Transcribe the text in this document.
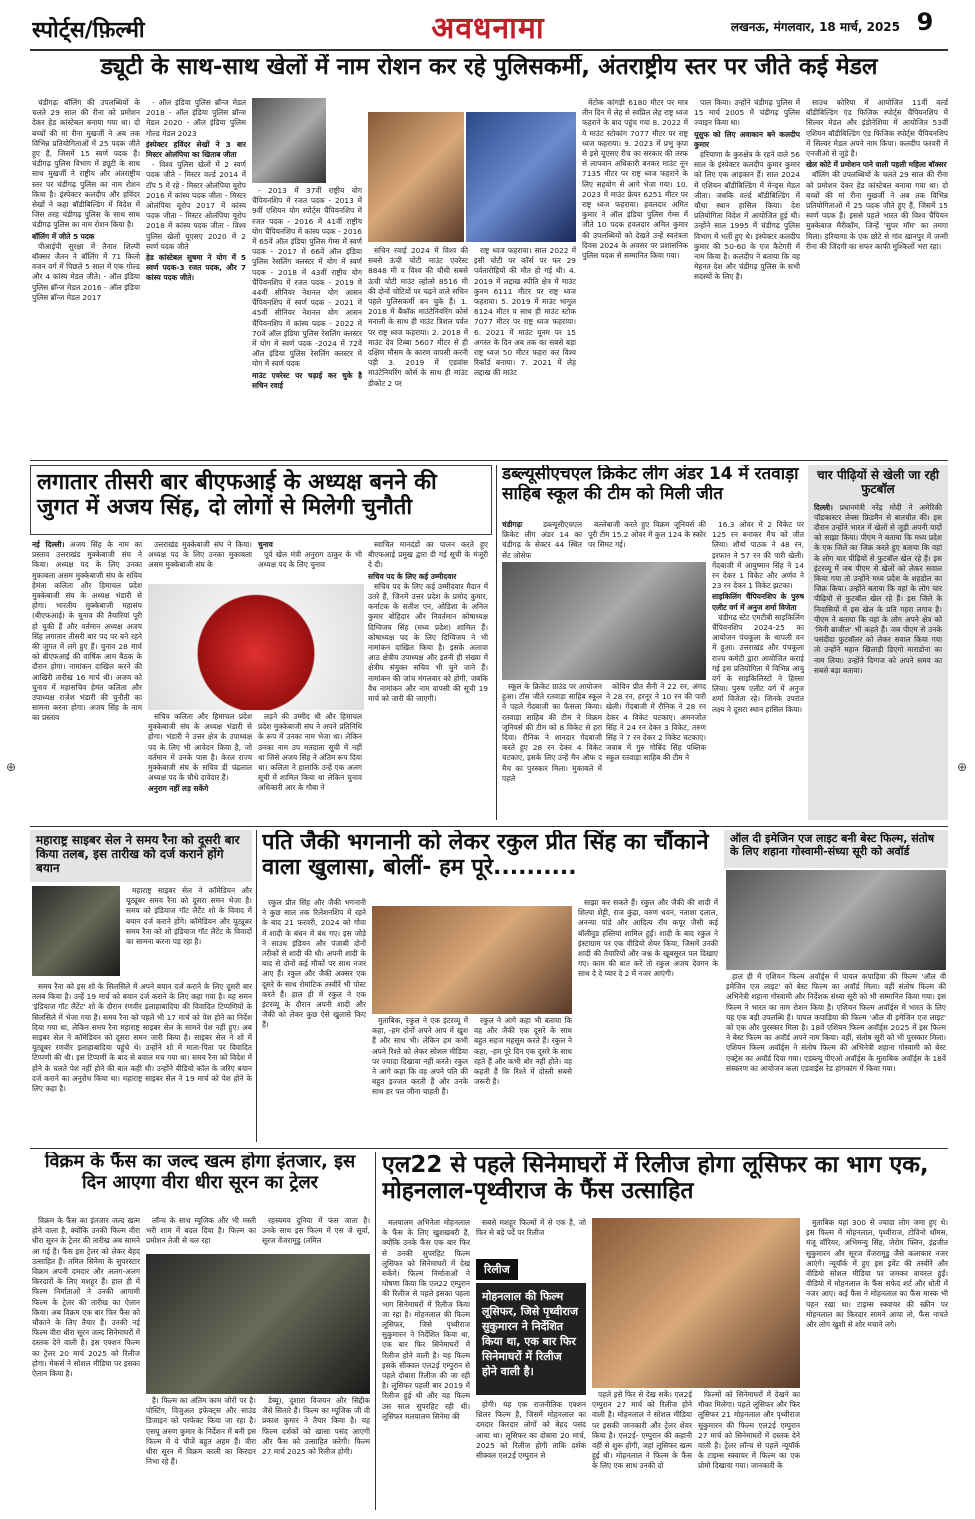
स्पोर्ट्स/फ़िल्मी	अवधनामा	लखनऊ, मंगलवार, 18 मार्च, 2025 9
ड्यूटी के साथ-साथ खेलों में नाम रोशन कर रहे पुलिसकर्मी, अंतराष्ट्रीय स्तर पर जीते कई मेडल

चंडीगढ़ः बॉलिंग की उपलब्धियों के चलते 29 साल की रीना को प्रमोशन देकर हेड कांस्टेबल बनाया गया था। दो बच्चों की मां रीना मुखर्जी ने अब तक विभिन्न प्रतियोगिताओं में 25 पदक जीते हुए हैं, जिसमें 15 स्वर्ण पदक हैं। चंडीगढ़ पुलिस विभाग में ड्यूटी के साथ साथ मुखर्जी ने राष्ट्रीय और अंतराष्ट्रीय स्तर पर चंडीगढ़ पुलिस का नाम रोशन किया है। इंस्पेक्टर कलदीप और हविंदर सेखों ने कहा बॉडीबिल्डिंग में विदेश में जिस तरह चंडीगढ़ पुलिस के साथ साथ चंडीगढ़ पुलिस का नाम रोशन किया है।

बॉलिंग में जीते 5 पदक

पीआईपी सुरक्षा में तैनात शिल्पी बॉक्सर जैतन ने बॉलिंग में 71 किलो वजन वर्ग में पिछले 5 साल में एक गोल्ड और 4 कांस्य मेडल जीते। - ऑल इंडिया पुलिस ब्रॉन्ज मेडल 2016 - ऑल इंडिया पुलिस ब्रॉन्ज मेडल 2017

- ऑल इंडिया पुलिस ब्रॉन्ज मेडल 2018 - ऑल इंडिया पुलिस ब्रॉन्ज मेडल 2020 - ऑल इंडिया पुलिस गोल्ड मेडल 2023

इंस्पेक्टर हविंदर सेखों ने 3 बार मिस्टर ओलंपिया का खिताब जीता

- विश्व पुलिस खेलों में 2 स्वर्ण पदक जीते - मिस्टर वर्ल्ड 2014 में टॉप 5 में रहे - मिस्टर ओलंपिया यूरोप 2016 में कांस्य पदक जीता - मिस्टर ओलंपिया यूरोप 2017 में कांस्य पदक जीता - मिस्टर ओलंपिया यूरोप 2018 में कांस्य पदक जीता - विश्व पुलिस खेलों यूएसए 2020 में 2 स्वर्ण पदक जीते

हेड कांस्टेबल सुषमा ने योग में 5 स्वर्ण पदक-3 रजत पदक, और 7 कांस्य पदक जीते।

- 2013 में 37वीं राष्ट्रीय योग चैंपियनशिप में रजत पदक - 2013 में 9वीं एशियन योग स्पोर्ट्स चैंपियनशिप में रजत पदक - 2016 में 41वीं राष्ट्रीय योग चैंपियनशिप में कांस्य पदक - 2016 में 65वें ऑल इंडिया पुलिस गेम्स में स्वर्ण पदक - 2017 में 66वें ऑल इंडिया पुलिस रेसलिंग क्लस्टर में योग में स्वर्ण पदक - 2018 में 43वीं राष्ट्रीय योग चैंपियनशिप में रजत पदक - 2019 में 44वीं सीनियर नेशनल योग आसन चैंपियनशिप में स्वर्ण पदक - 2021 में 45वीं सीनियर नेशनल योग आसन चैंपियनशिप में कांस्य पदक - 2022 में 70वें ऑल इंडिया पुलिस रेसलिंग क्लस्टर में योग में स्वर्ण पदक -2024 में 72वें ऑल इंडिया पुलिस रेसलिंग क्लस्टर में योग में स्वर्ण पदक

माउंट एवरेस्ट पर चढ़ाई कर चुके है सचिन रवाई

सचिन रवाई 2024 में विश्व की सबसे ऊंची चोटी माउंट एवरेस्ट 8848 मी व विश्व की चौथी सबसे ऊंची चोटी माउंट ल्होत्से 8516 मी की दोनों चोटियों पर चढ़ने वाले सचिन पहले पुलिसकर्मी बन चुके हैं। 1. 2018 में बैंकॉक माउंटेनियरिंग कोर्स मनाली के साथ ही माउंट त्रिशल पर्वत पर राष्ट्र ध्वज फहराया। 2. 2018 में माउंट देव टिब्बा 5607 मीटर से ही दक्षिण मौसम के कारण वापसी करनी पड़ी 3. 2019 में एडवांस माउंटेनियरिंग कोर्स के साथ ही माउंट डीकोट 2 पर

राष्ट्र ध्वज फहराया। साल 2022 में इसी चोटी पर कॉर्स पर फर 29 पर्वतारोहियों की मौत हो गई थी। 4. 2019 में लद्दाख स्पीति क्षेत्र में माउंट कुनम 6111 मीटर पर राष्ट्र ध्वज फहराया। 5. 2019 में माउंट भागुल 6124 मीटर व साथ ही माउंट स्टोक 7077 मीटर पर राष्ट्र ध्वज फहराया। 6. 2021 में माउंट यूनम पर 15 अगस्त के दिन अब तक का सबसे बड़ा राष्ट्र ध्वज 50 मीटर फहरा कर विश्व रिकॉर्ड बनाया। 7. 2021 में लेह लद्दाख की माउंट

मेंटोक कांगड़ी 6180 मीटर पर मात्र तीन दिन में लेह से स्वप्निल लेह राष्ट्र ध्वज फहराने के बाद पहुंच गया 8. 2022 में ये माउंट स्टोकांग 7077 मीटर पर राष्ट्र ध्वज फहराया। 9. 2023 में प्रभु कृपा से इसे यूएसए रीच का सरकार की तरफ से लापवान अधिकारी बनकर माउंट नून 7135 मीटर पर राष्ट्र ध्वज फहराने के लिए सहयोग से आगे भेजा गया। 10. 2023 में माउंट फ्रेयर 6251 मीटर पर राष्ट्र ध्वज फहराया। हवलदार अमित कुमार ने ऑल इंडिया पुलिस गेम्स में जीते 10 पदक हवलदार अमित कुमार की उपलब्धियों को देखते उन्हें स्वतंत्रता दिवस 2024 के अवसर पर प्रशासनिक पुलिस पदक से सम्मानित किया गया।

पाल किया। उन्होंने चंडीगढ़ पुलिस में 15 मार्च 2005 में चंडीगढ़ पुलिस ज्वाइन किया था।

यूसुफ को लिए अवाकान बने कलदीप कुमार

हरियाणा के कुरुक्षेत्र के रहने वाले 56 साल के इंस्पेक्टर कलदीप कुमार कुमार को लिए एक आइकान हैं। साल 2024 में एशियन बॉडीबिल्डिंग में मेन्ड्स मेडल जीता। जबकि वर्ल्ड बॉडीबिल्डिंग में चौथा स्थान हासिल किया। देश प्रतियोगिता विदेश में आयोजित हुई थी। उन्होंने साल 1995 में चंडीगढ़ पुलिस विभाग में भर्ती हुए थे। इंस्पेक्टर कलदीप कुमार की 50-60 के एज कैटेगरी में नाम किया है। कलदीप ने बताया कि वह मेहनत देश और चंडीगढ़ पुलिस के सभी सदस्यों के लिए है।

साउथ कोरिया में आयोजित 11वीं वर्ल्ड बॉडीबिल्डिंग एंड फिजिक स्पोर्ट्स चैंपियनशिप में सिल्वर मेडल और इंडोनेशिया में आयोजित 53वीं एशियन बॉडीबिल्डिंग एंड फिजिक स्पोर्ट्स चैंपियनशिप में सिल्वर मेडल अपने नाम किया। कलदीप फरवरी में एनजीओ से जुड़े हैं।

खेल कोटे में प्रमोशन पाने वाली पहली महिला बॉक्सर

बॉलिंग की उपलब्धियों के चलते 29 साल की रीना को प्रमोशन देकर हेड कांस्टेबल बनाया गया था। दो बच्चों की मां रीना मुखर्जी ने अब तक विभिन्न प्रतियोगिताओं में 25 पदक जीते हुए हैं, जिसमें 15 स्वर्ण पदक हैं। इससे पहले भारत की विश्व चैंपियन मुक्केबाज मैरीकॉम, जिन्हें 'सुपर मॉम' का तमगा मिला। हरियाणा के एक छोटे से गांव खानपुर में जन्मी रीना की जिंदगी का सफर काफी मुश्किलों भरा रहा।

लगातार तीसरी बार बीएफआई के अध्यक्ष बनने की जुगत में अजय सिंह, दो लोगों से मिलेगी चुनौती
नई दिल्ली। अजय सिंह के नाम का प्रस्ताव उत्तराखंड मुक्केबाजी संघ ने किया। अध्यक्ष पद के लिए उनका मुकाबला असम मुक्केबाजी संघ के सचिव हेमंता कलिता और हिमाचल प्रदेश मुक्केबाजी संघ के अध्यक्ष भंडारी से होगा। भारतीय मुक्केबाजी महासंघ (बीएफआई) के चुनाव की तैयारियां पूरी हो चुकी हैं और वर्तमान अध्यक्ष अजय सिंह लगातार तीसरी बार पद पर बने रहने की जुगत में लगे हुए हैं। चुनाव 28 मार्च को बीएफआई की वार्षिक आम बैठक के दौरान होगा। नामांकन दाखिल करने की आखिरी तारीख 16 मार्च थी। अजय को चुनाव में महासचिव हेमंत कलिता और उपाध्यक्ष राजेश भंडारी की चुनौती का सामना करना होगा। अजय सिंह के नाम का प्रस्ताव

उत्तराखंड मुक्केबाजी संघ ने किया। अध्यक्ष पद के लिए उनका मुकाबला असम मुक्केबाजी संघ के

चुनाव

पूर्व खेल मंत्री अनुराग ठाकुर के भी अध्यक्ष पद के लिए चुनाव

सचिव कलिता और हिमाचल प्रदेश मुक्केबाजी संघ के अध्यक्ष भंडारी से होगा। भंडारी ने उत्तर क्षेत्र के उपाध्यक्ष पद के लिए भी आवेदन किया है, जो वर्तमान में उनके पास है। केरल राज्य मुक्केबाजी संघ के सचिव डी चंद्रलाल अध्यक्ष पद के चौथे दावेदार हैं।

अनुराग नहीं लड़ सकेंगे

लड़ने की उम्मीद थी और हिमाचल प्रदेश मुक्केबाजी संघ ने अपने प्रतिनिधि के रूप में उनका नाम भेजा था। लेकिन उनका नाम उप मतदाता सूची में नहीं था जिसे अजय सिंह ने अंतिम रूप दिया था। कलिता ने हालांकि उन्हें एक अलग सूची में शामिल किया था लेकिन चुनाव अधिकारी आर के गौबा ने

स्वाचित मानदंडों का पालन करते हुए बीएफआई प्रमुख द्वारा दी गई सूची के मंजूरी दे दी।

सचिव पद के लिए कई उम्मीदवार

सचिव पद के लिए कई उम्मीदवार मैदान में उतरे हैं, जिनमें उत्तर प्रदेश के प्रमोद कुमार, कर्नाटक के सतीश एन, ओडिशा के अनिल कुमार बोहिदार और निवर्तमान कोषाध्यक्ष दिग्विजय सिंह (मध्य प्रदेश) शामिल हैं। कोषाध्यक्ष पद के लिए दिग्विजय ने भी नामांकन दाखिल किया है। इसके अलावा आठ क्षेत्रीय उपाध्यक्ष और इतनी ही संख्या में क्षेत्रीय संयुक्त सचिव भी चुने जाने हैं। नामांकन की जांच मंगलवार को होगी, जबकि वैध नामांकन और नाम वापसी की सूची 19 मार्च को जारी की जाएगी।

डब्ल्यूसीएचएल क्रिकेट लीग अंडर 14 में रतवाड़ा साहिब स्कूल की टीम को मिली जीत
चंडीगढ़ः	डब्ल्यूसीएचएल क्रिकेट लीग अंडर 14 का चंडीगढ़ के सेक्टर 44 स्थित सेंट जोसेफ

बल्लेबाजी करते हुए विक्रम जूनियर्स की पूरी टीम 15.2 ओवर में कुल 124 के स्कोर पर सिमट गई।

स्कूल के क्रिकेट ग्राउंड पर आयोजन हुआ। टॉस जीते रतवाड़ा साहिब स्कूल ने पहले गेंदबाजी का फैसला किया। रतवाड़ा साहिब की टीम ने विक्रम जूनियर्स की टीम को 8 विकेट से हरा दिया। रौनिक ने शानदार गेंदबाजी करते हुए 28 रन देकर 4 विकेट चटकाए, इसके लिए उन्हें मैन ऑफ द मैच का पुरस्कार मिला। मुकाबले में पहले

कोविन प्रीत सैनी ने 22 रन, अंगद ने 28 रन, हरनूर ने 10 रन की पारी खेली। गेंदबाजी में रौनिक ने 28 रन देकर 4 विकेट चटकाए। अमनजोत सिंह ने 24 रन देकर 3 विकेट, तरुण सिंह ने 7 रन देकर 2 विकेट चटकाए। जवाब में गुरु गोबिंद सिंह पब्लिक स्कूल रतवाड़ा साहिब की टीम ने

16.3 ओवर में 2 विकेट पर 125 रन बनाकर मैच को जीत लिया। शौर्या पाठक ने 48 रन, इरफान ने 57 रन की पारी खेली। गेंदबाजी में आयुष्मान सिंह ने 14 रन देकर 1 विकेट और अर्णव ने 23 रन देकर 1 विकेट झटका।

साइकिलिंग चैंपियनशिप के पुरुष एलीट वर्ग में अनुज शर्मा विजेता

चंडीगढ़ स्टेट एमटीबी साइकिलिंग चैंपियनशिप 2024-25 का आयोजन पंचकूला के थापली वन में हुआ। उत्तराखंड और पंचकूला राज्य कमेटी द्वारा आयोजित कराई गई इस प्रतियोगिता में विभिन्न आयु वर्ग के साइकिलिस्टों ने हिस्सा लिया। पुरुष एलीट वर्ग में अनुज शर्मा विजेता रहे। जिनके उपरांत लक्ष्य ने दूसरा स्थान हासिल किया।

चार पीढ़ियों से खेली जा रही फुटबॉल
दिल्ली। प्रधानमंत्री नरेंद्र मोदी ने अमेरिकी पॉडकास्टर लेक्स फ्रिडमैन से बातचीत की। इस दौरान उन्होंने भारत में खेलों से जुड़ी अपनी यादों को साझा किया। पीएम ने बताया कि मध्य प्रदेश के एक जिले का जिक्र करते हुए बताया कि वहां के लोग चार पीढ़ियों से फुटबॉल खेल रहे हैं। इस इंटरव्यू में जब पीएम से खेलों को लेकर सवाल किया गया तो उन्होंने मध्य प्रदेश के शहडोल का जिक्र किया। उन्होंने बताया कि वहां के लोग चार पीढ़ियों से फुटबॉल खेल रहे हैं। इस जिले के निवासियों में इस खेल के प्रति गहरा लगाव है। पीएम ने बताया कि वहां के लोग अपने क्षेत्र को 'मिनी ब्राजील' भी कहते हैं। जब पीएम से उनके पसंदीदा फुटबॉलर को लेकर सवाल किया गया तो उन्होंने महान खिलाड़ी डिएगो माराडोना का नाम लिया। उन्होंने दिग्गज को अपने समय का सबसे बड़ा बताया।
⊕	⊕
महाराष्ट्र साइबर सेल ने समय रैना को दूसरी बार किया तलब, इस तारीख को दर्ज कराने होंगे बयान

महाराष्ट्र साइबर सेल ने कॉमेडियन और यूट्यूबर समय रैना को दूसरा समन भेजा है। समय को इंडियाज गॉट लैटेंट शो के विवाद में बयान दर्ज कराने होंगे। कॉमेडियन और यूट्यूबर समय रैना को शो इंडियाज गॉट लैटेंट के विवादों का सामना करना पड़ रहा है।

समय रैना को इस शो के सिलसिले में अपने बयान दर्ज कराने के लिए दूसरी बार तलब किया है। उन्हें 19 मार्च को बयान दर्ज कराने के लिए कहा गया है। यह समन 'इंडियाज गॉट लैटेंट' शो के दौरान रणवीर इलाहाबादिया की विवादित टिप्पणियों के सिलसिले में भेजा गया है। समय रैना को पहले भी 17 मार्च को पेश होने का निर्देश दिया गया था, लेकिन समय रैना महाराष्ट्र साइबर सेल के सामने पेश नहीं हुए। अब साइबर सेल ने कॉमेडियन को दूसरा समन जारी किया है। साइबर सेल ने शो में यूट्यूबर रणवीर इलाहाबादिया पहुंचे थे। उन्होंने शो में माता-पिता पर विवादित टिप्पणी की थी। इस टिप्पणी के बाद से बवाल मच गया था। समय रैना को विदेश में होने के चलते पेश नहीं होने की बात कही थी। उन्होंने वीडियो कॉल के जरिए बयान दर्ज कराने का अनुरोध किया था। महाराष्ट्र साइबर सेल ने 19 मार्च को पेश होने के लिए कहा है।

पति जैकी भगनानी को लेकर रकुल प्रीत सिंह का चौंकाने वाला खुलासा, बोलीं- हम पूरे..........

रकुल प्रीत सिंह और जैकी भगनानी ने कुछ साल तक रिलेशनशिप में रहने के बाद 21 फरवरी, 2024 को गोवा में शादी के बंधन में बंध गए। इस जोड़े ने साउथ इंडियन और पंजाबी दोनों तरीकों से शादी की थी। अपनी शादी के बाद से दोनों कई मौकों पर साथ नजर आए हैं। रकुल और जैकी अक्सर एक दूसरे के साथ रोमांटिक तस्वीरें भी पोस्ट करते हैं। हाल ही में रकुल ने एक इंटरव्यू के दौरान अपनी शादी और जैकी को लेकर कुछ ऐसे खुलासे किए हैं।	मुताबिक, रकुल ने एक इंटरव्यू में कहा, -हम दोनों अपने आप में खुश हैं और साथ भी। लेकिन हम कभी अपने रिश्ते को लेकर सोशल मीडिया पर ज्यादा दिखावा नहीं करते। रकुल ने आगे कहा कि वह अपने पति की बहुत इज्जत करती हैं और उनके साथ हर पल जीना चाहती हैं।

रकुल ने आगे कहा भी बताया कि वह और जैकी एक दूसरे के साथ बहुत सहज महसूस करते हैं। रकुल ने कहा, -हम पूरे दिन एक दूसरे के साथ रहते हैं और कभी बोर नहीं होते। वह कहती हैं कि रिश्ते में दोस्ती सबसे जरूरी है।

साझा कर सकते हैं। रकुल और जैकी की शादी में शिल्पा शेट्टी, राज कुंद्रा, वरुण धवन, नताशा दलाल, अनन्या पांडे और आदित्य रॉय कपूर जैसी कई बॉलीवुड हस्तियां शामिल हुईं। शादी के बाद रकुल ने इंस्टाग्राम पर एक वीडियो शेयर किया, जिसमें उनकी शादी की तैयारियों और जश्न के खूबसूरत पल दिखाए गए। काम की बात करें तो रकुल अजय देवगन के साथ दे दे प्यार दे 2 में नजर आएंगी।

ऑल दी इमेजिन एज लाइट बनी बेस्ट फिल्म, संतोष के लिए शहाना गोस्वामी-संध्या सूरी को अवॉर्ड

हाल ही में एशियन फिल्म अवॉर्ड्स में पायल कपाड़िया की फिल्म 'ऑल वी इमेजिन एज लाइट' को बेस्ट फिल्म का अवॉर्ड मिला। वहीं संतोष फिल्म की अभिनेत्री शहाना गोस्वामी और निर्देशक संध्या सूरी को भी सम्मानित किया गया। इस फिल्म ने भारत का नाम रोशन किया है। एशियन फिल्म अवॉर्ड्स में भारत के लिए यह एक बड़ी उपलब्धि है। पायल कपाड़िया की फिल्म 'ऑल वी इमेजिन एज लाइट' को एक और पुरस्कार मिला है। 18वें एशियन फिल्म अवॉर्ड्स 2025 में इस फिल्म ने बेस्ट फिल्म का अवॉर्ड अपने नाम किया। वहीं, संतोष सूरी को भी पुरस्कार मिला। एशियन फिल्म अवॉर्ड्स ने संतोष फिल्म की अभिनेत्री शहाना गोस्वामी को बेस्ट एक्ट्रेस का अवॉर्ड दिया गया। एडब्ल्यू पीएओ अवॉर्ड्स के मुताबिक अवॉर्ड्स के 18वें संस्करण का आयोजन कला एडवाईस रेड हांगकांग में किया गया।

विक्रम के फैंस का जल्द खत्म होगा इंतजार, इस दिन आएगा वीरा धीरा सूरन का ट्रेलर

विक्रम के फैंस का इंतजार जल्द खत्म होने वाला है, क्योंकि उनकी फिल्म वीरा धीरा सूरन के ट्रेलर की तारीख अब सामने आ गई है। फैंस इस ट्रेलर को लेकर बेहद उत्साहित हैं। तमिल सिनेमा के सुपरस्टार विक्रम अपनी दमदार और अलग-अलग किरदारों के लिए मशहूर हैं। हाल ही में फिल्म निर्माताओं ने उनकी आगामी फिल्म के ट्रेलर की तारीख का ऐलान किया। अब विक्रम एक बार फिर फैंस को चौंकाने के लिए तैयार हैं। उनकी नई फिल्म वीरा धीरा सूरन जल्द सिनेमाघरों में दस्तक देने वाली है। इस एक्शन फिल्म का ट्रेलर 20 मार्च 2025 को रिलीज होगा। मेकर्स ने सोशल मीडिया पर इसका ऐलान किया है।

लॉन्च के साथ म्यूजिक और भी मस्ती भरी शाम में बदल दिया है। फिल्म का प्रमोशन तेजी से चल रहा

रहस्यमय दुनिया में फंस जाता है। उनके साथ इस फिल्म में एस जे सूर्या, सूरज वेंजरामूडु (तमिल

है। फिल्म का अंतिम काम जोरों पर है। पोस्टिंग, विजुअल इफेक्ट्स और साउंड डिजाइन को परफेक्ट किया जा रहा है। एसयू अरुण कुमार के निर्देशन में बनी इस फिल्म में ये चीजें बहुत अहम हैं। वीरा धीरा सूरन में विक्रम काली का किरदार निभा रहे हैं।

डेब्यू), दुशारा विजयन और सिद्दीक जैसे सितारे हैं। फिल्म का म्यूजिक जी वी प्रकाश कुमार ने तैयार किया है। यह फिल्म दर्शकों को खासा पसंद आएगी और फैंस को उत्साहित करेगी। फिल्म 27 मार्च 2025 को रिलीज होगी।

एल22 से पहले सिनेमाघरों में रिलीज होगा लूसिफर का भाग एक, मोहनलाल-पृथ्वीराज के फैंस उत्साहित

मलयालम अभिनेता मोहनलाल के फैंस के लिए खुशखबरी है, क्योंकि उनके फैंस एक बार फिर से उनकी सुपरहिट फिल्म लूसिफर को सिनेमाघरों में देख सकेंगे। फिल्म निर्माताओं ने घोषणा किया कि एल22 एम्पुरान की रिलीज से पहले इसका पहला भाग सिनेमाघरों में रिलीज किया जा रहा है। मोहनलाल की फिल्म लूसिफर, जिसे पृथ्वीराज सुकुमारन ने निर्देशित किया था, एक बार फिर सिनेमाघरों में रिलीज होने वाली है। यह फिल्म इसके सीक्वल एल2ई एम्पुरान से पहले दोबारा रिलीज की जा रही है। लूसिफर पहली बार 2019 में रिलीज हुई थी और यह फिल्म उस साल सुपरहिट रही थी। लूसिफर मलयालम सिनेमा की

सबसे मशहूर फिल्मों में से एक है, जो फिर से बड़े पर्दे पर रिलीज

रिलीज
मोहनलाल की फिल्म लूसिफर, जिसे पृथ्वीराज सुकुमारन ने निर्देशित किया था, एक बार फिर सिनेमाघरों में रिलीज होने वाली है।

होगी। यह एक राजनीतिक एक्शन थ्रिलर फिल्म है, जिसमें मोहनलाल का दमदार किरदार लोगों को बेहद पसंद आया था। लूसिफर का दोबारा 20 मार्च, 2025 को रिलीज होगी ताकि दर्शक सीक्वल एल2ई एम्पुरान से

पहले इसे फिर से देख सकें। एल2ई एम्पुरान 27 मार्च को रिलीज होने वाली है। मोहनलाल ने सोशल मीडिया पर इसकी जानकारी और ट्रेलर शेयर किया है। एल2ई- एम्पुरान की कहानी वहीं से शुरू होगी, जहां लूसिफर खत्म हुई थी। मोहनलाल ने फिल्म के फैंस के लिए एक साथ उनकी दो

फिल्मों को सिनेमाघरों में देखने का मौका मिलेगा। पहले लूसिफर और फिर लूसिफर 21 मोहनलाल और पृथ्वीराज सुकुमारन की फिल्म एल2ई एम्पुरान 27 मार्च को सिनेमाघरों में दस्तक देने वाली है। ट्रेलर लॉन्च से पहले न्यूयॉर्क के टाइम्स स्क्वायर में फिल्म का एक प्रोमो दिखाया गया। जानकारी के

मुताबिक यहां 300 से ज्यादा लोग जमा हुए थे। इस फिल्म में मोहनलाल, पृथ्वीराज, टोविनो थॉमस, मंजू वॉरियर, अभिमन्यु सिंह, जेरोम फ्लिन, इंद्रजीत सुकुमारन और सूरज वेंजरामूडु जैसे कलाकार नजर आएंगे। न्यूयॉर्क में हुए इस इवेंट की तस्वीरें और वीडियो सोशल मीडिया पर जमकर वायरल हुईं। वीडियो में मोहनलाल के फैंस सफेद शर्ट और धोती में नजर आए। कई फैंस ने मोहनलाल का फैंस मास्क भी पहन रखा था। टाइम्स स्क्वायर की स्क्रीन पर मोहनलाल का किरदार सामने आया तो, फैंस नाचते और लोग खुशी से शोर मचाने लगे।
